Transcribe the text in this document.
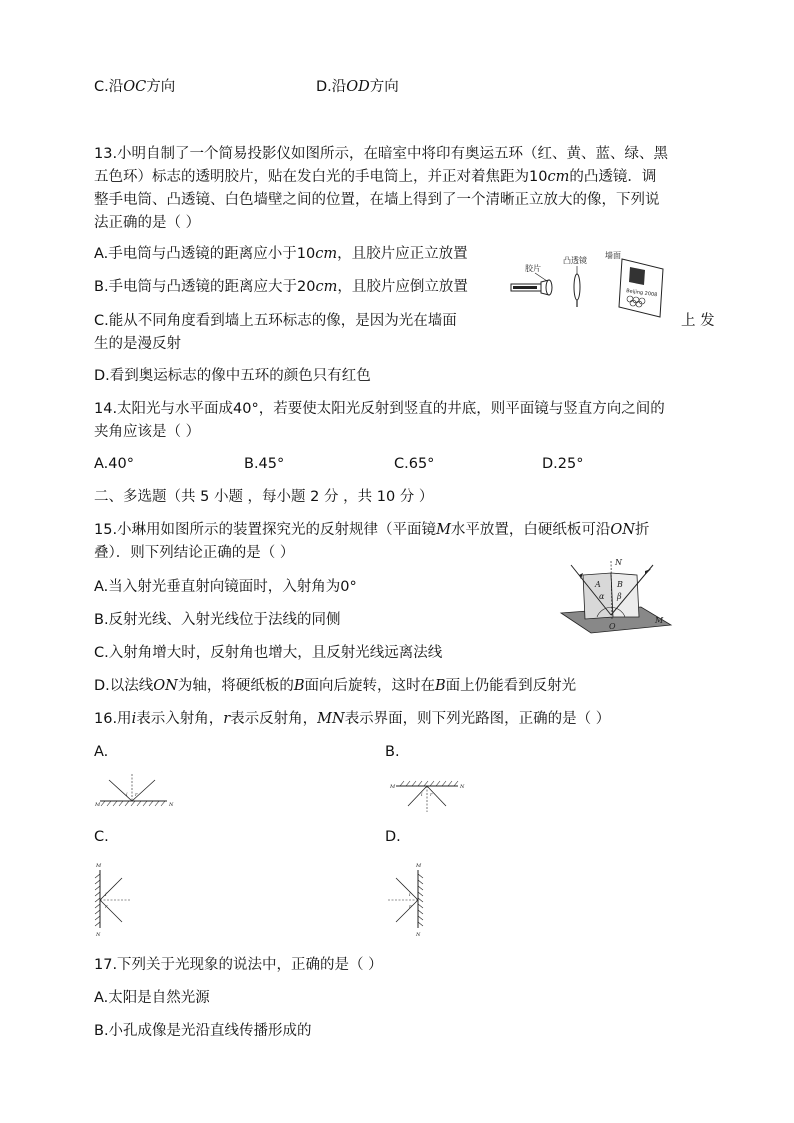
C.沿OC方向	D.沿OD方向
13.小明自制了一个简易投影仪如图所示，在暗室中将印有奥运五环（红、黄、蓝、绿、黑
五色环）标志的透明胶片，贴在发白光的手电筒上，并正对着焦距为10cm的凸透镜．调
整手电筒、凸透镜、白色墙壁之间的位置，在墙上得到了一个清晰正立放大的像，下列说
法正确的是（ ）
A.手电筒与凸透镜的距离应小于10cm，且胶片应正立放置
B.手电筒与凸透镜的距离应大于20cm，且胶片应倒立放置
C.能从不同角度看到墙上五环标志的像，是因为光在墙面	上 发
生的是漫反射
D.看到奥运标志的像中五环的颜色只有红色
胶片
凸透镜
墙面
Beijing 2008
14.太阳光与水平面成40°，若要使太阳光反射到竖直的井底，则平面镜与竖直方向之间的
夹角应该是（ ）
A.40°	B.45°	C.65°	D.25°
二、多选题（共 5 小题 ，每小题 2 分 ，共 10 分 ）
15.小琳用如图所示的装置探究光的反射规律（平面镜M水平放置，白硬纸板可沿ON折
叠）．则下列结论正确的是（ ）
A.当入射光垂直射向镜面时，入射角为0°
B.反射光线、入射光线位于法线的同侧
C.入射角增大时，反射角也增大，且反射光线远离法线
D.以法线ON为轴，将硬纸板的B面向后旋转，这时在B面上仍能看到反射光
N
A B
α β
O
M
16.用i表示入射角，r表示反射角，MN表示界面，则下列光路图，正确的是（ ）
A.	B.
C.	D.
i r
M	N
i r
M	N
M
i
r
N
M
i
r
N
17.下列关于光现象的说法中，正确的是（ ）
A.太阳是自然光源
B.小孔成像是光沿直线传播形成的
